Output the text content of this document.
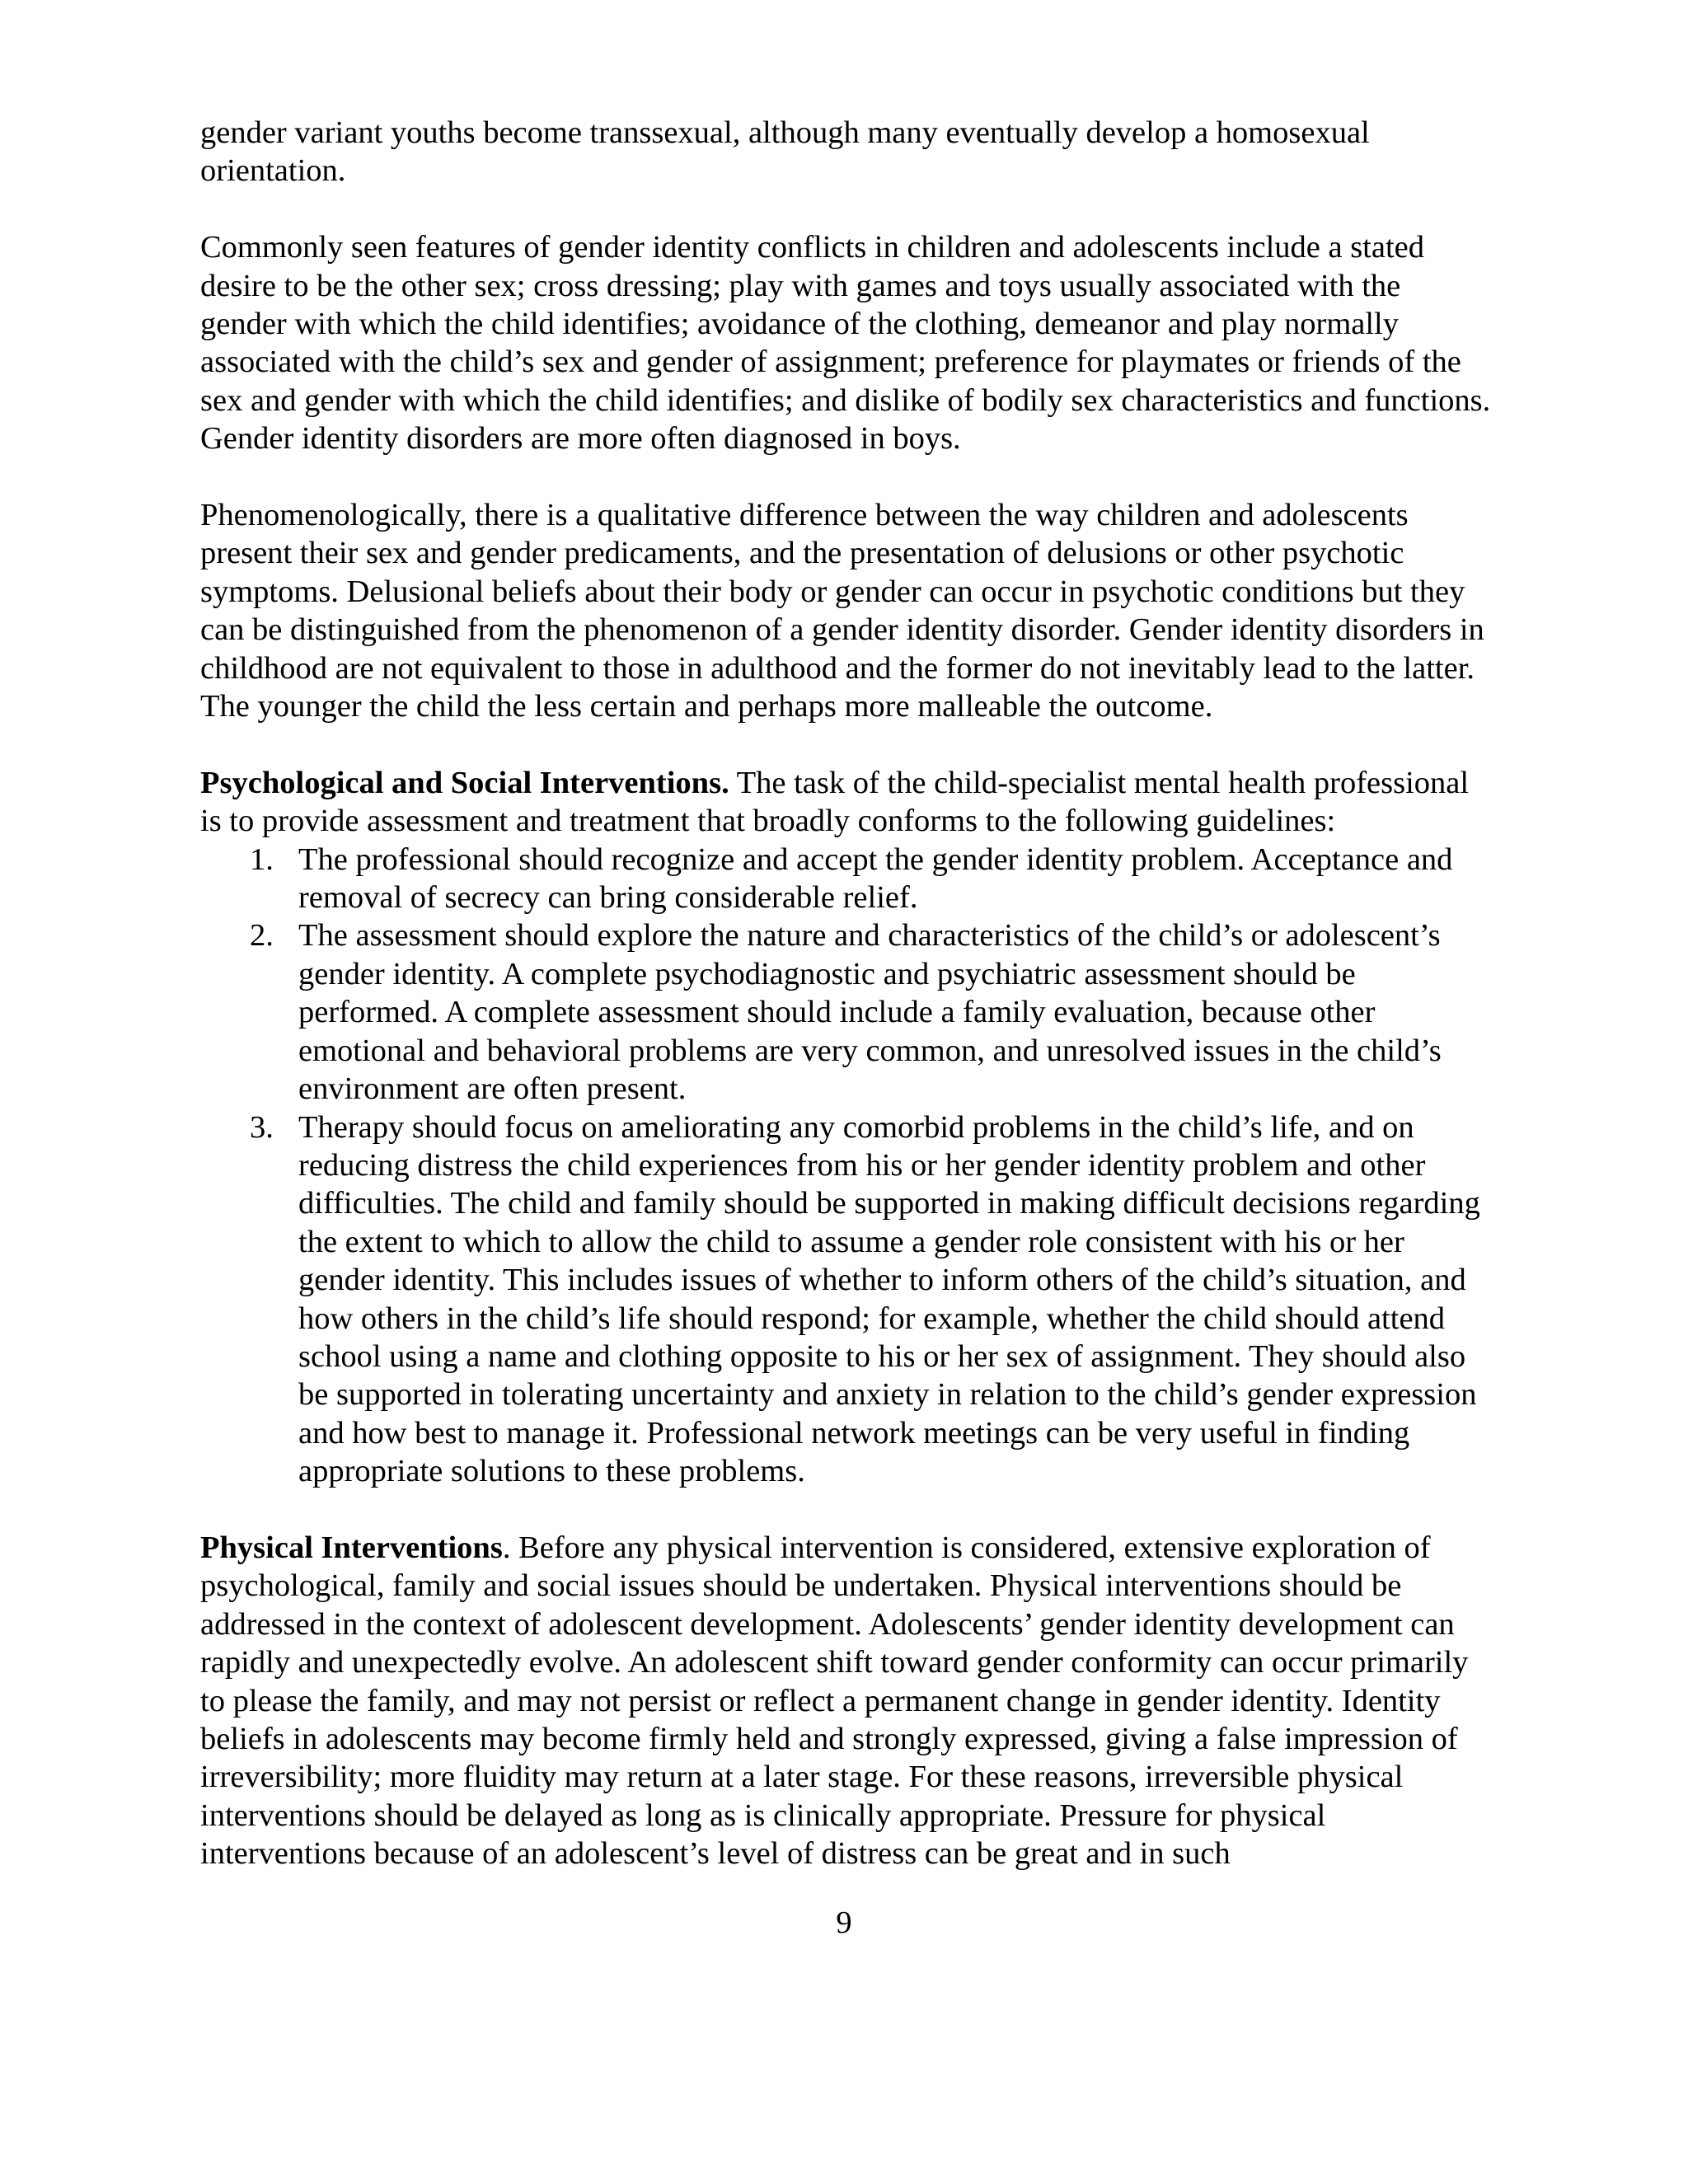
gender variant youths become transsexual, although many eventually develop a homosexual orientation.

Commonly seen features of gender identity conflicts in children and adolescents include a stated desire to be the other sex; cross dressing; play with games and toys usually associated with the gender with which the child identifies; avoidance of the clothing, demeanor and play normally associated with the child’s sex and gender of assignment; preference for playmates or friends of the sex and gender with which the child identifies; and dislike of bodily sex characteristics and functions. Gender identity disorders are more often diagnosed in boys.

Phenomenologically, there is a qualitative difference between the way children and adolescents present their sex and gender predicaments, and the presentation of delusions or other psychotic symptoms. Delusional beliefs about their body or gender can occur in psychotic conditions but they can be distinguished from the phenomenon of a gender identity disorder. Gender identity disorders in childhood are not equivalent to those in adulthood and the former do not inevitably lead to the latter. The younger the child the less certain and perhaps more malleable the outcome.

Psychological and Social Interventions. The task of the child-specialist mental health professional is to provide assessment and treatment that broadly conforms to the following guidelines:

1. The professional should recognize and accept the gender identity problem. Acceptance and removal of secrecy can bring considerable relief.
2. The assessment should explore the nature and characteristics of the child’s or adolescent’s gender identity. A complete psychodiagnostic and psychiatric assessment should be performed. A complete assessment should include a family evaluation, because other emotional and behavioral problems are very common, and unresolved issues in the child’s environment are often present.
3. Therapy should focus on ameliorating any comorbid problems in the child’s life, and on reducing distress the child experiences from his or her gender identity problem and other difficulties. The child and family should be supported in making difficult decisions regarding the extent to which to allow the child to assume a gender role consistent with his or her gender identity. This includes issues of whether to inform others of the child’s situation, and how others in the child’s life should respond; for example, whether the child should attend school using a name and clothing opposite to his or her sex of assignment. They should also be supported in tolerating uncertainty and anxiety in relation to the child’s gender expression and how best to manage it. Professional network meetings can be very useful in finding appropriate solutions to these problems.

Physical Interventions. Before any physical intervention is considered, extensive exploration of psychological, family and social issues should be undertaken. Physical interventions should be addressed in the context of adolescent development. Adolescents’ gender identity development can rapidly and unexpectedly evolve. An adolescent shift toward gender conformity can occur primarily to please the family, and may not persist or reflect a permanent change in gender identity. Identity beliefs in adolescents may become firmly held and strongly expressed, giving a false impression of irreversibility; more fluidity may return at a later stage. For these reasons, irreversible physical interventions should be delayed as long as is clinically appropriate. Pressure for physical interventions because of an adolescent’s level of distress can be great and in such

9
